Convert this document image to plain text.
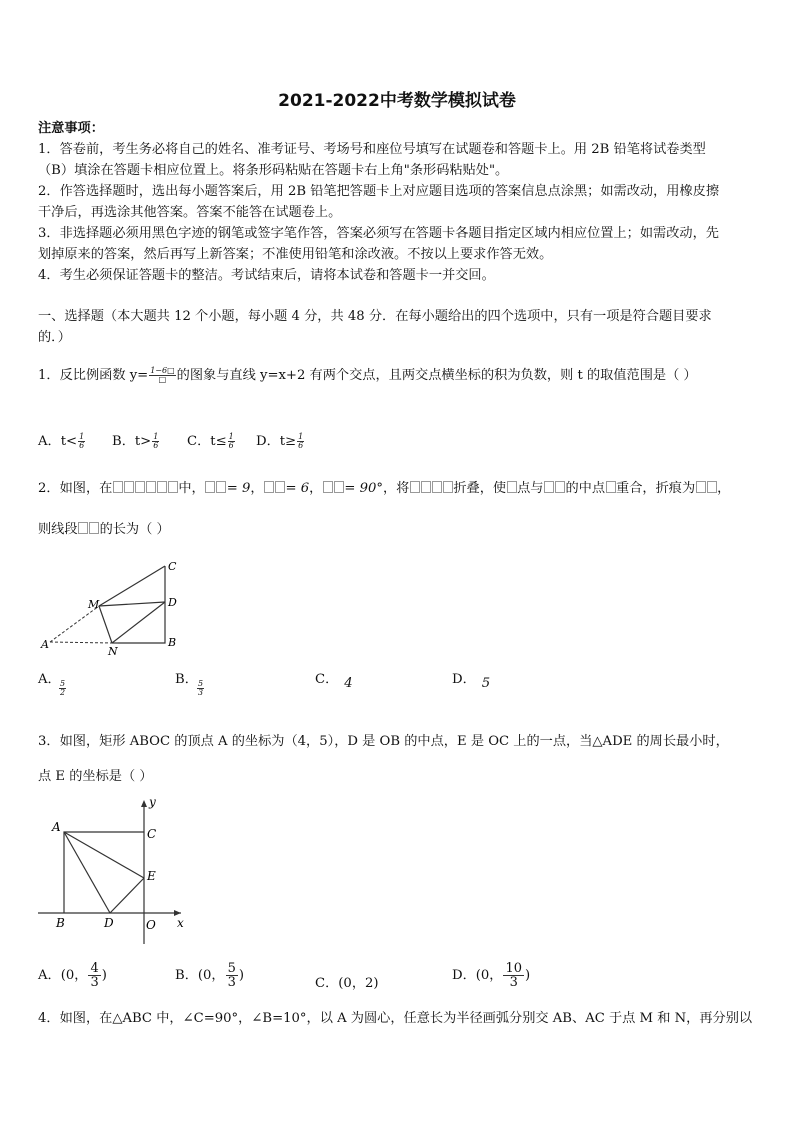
2021-2022中考数学模拟试卷
注意事项：
1．答卷前，考生务必将自己的姓名、准考证号、考场号和座位号填写在试题卷和答题卡上。用 2B 铅笔将试卷类型
（B）填涂在答题卡相应位置上。将条形码粘贴在答题卡右上角"条形码粘贴处"。
2．作答选择题时，选出每小题答案后，用 2B 铅笔把答题卡上对应题目选项的答案信息点涂黑；如需改动，用橡皮擦
干净后，再选涂其他答案。答案不能答在试题卷上。
3．非选择题必须用黑色字迹的钢笔或签字笔作答，答案必须写在答题卡各题目指定区域内相应位置上；如需改动，先
划掉原来的答案，然后再写上新答案；不准使用铅笔和涂改液。不按以上要求作答无效。
4．考生必须保证答题卡的整洁。考试结束后，请将本试卷和答题卡一并交回。
一、选择题（本大题共 12 个小题，每小题 4 分，共 48 分．在每小题给出的四个选项中，只有一项是符合题目要求
的．）
1．反比例函数 $y= \frac{1-6□}{□}$ 的图象与直线 y=x+2 有两个交点，且两交点横坐标的积为负数，则 t 的取值范围是（ ）
A．$t< \frac{1}{6}$ B．$t> \frac{1}{6}$ C．$t\le \frac{1}{6}$ D．$t\ge \frac{1}{6}$
2．如图，在	中， = 9， = 6， = 90°，将	折叠，使 点与 的中点 重合，折痕为 ，
则线段 的长为（ ）
C
D
B
M
N
A
A．
$\frac{5}{2}$
B．
$\frac{5}{3}$
C． 4	D． 5
3．如图，矩形 ABOC 的顶点 A 的坐标为（4，5），D 是 OB 的中点，E 是 OC 上的一点，当△ADE 的周长最小时，
点 E 的坐标是（ ）
A	C
E
B	D	O x
y
A．(0， $\frac{4}{3}$ )	B．(0， $\frac{5}{3}$ )
C．(0，2)
D．(0， $\frac{10}{3}$ )
4．如图，在△ABC 中，∠C=90°，∠B=10°，以 A 为圆心，任意长为半径画弧分别交 AB、AC 于点 M 和 N，再分别以
